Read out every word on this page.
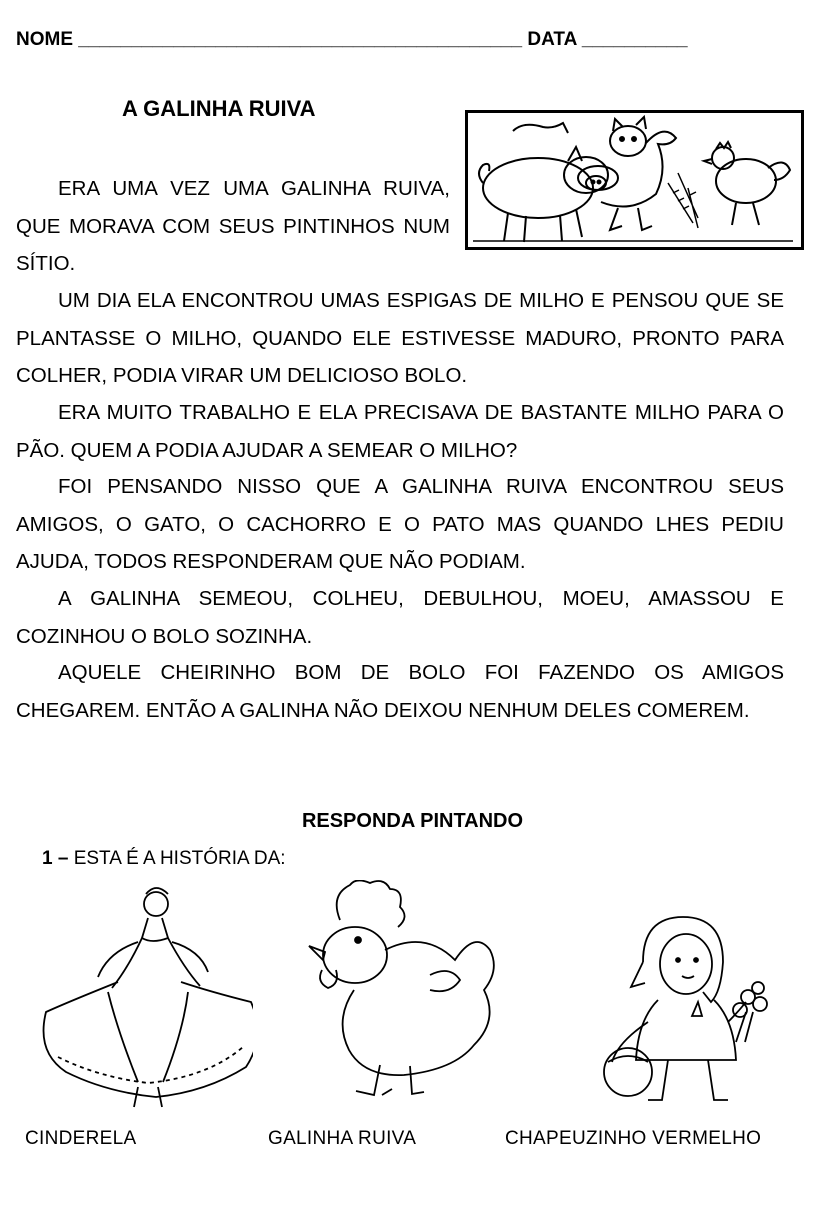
NOME __________________________________________ DATA __________
A GALINHA RUIVA

ERA UMA VEZ UMA GALINHA RUIVA, QUE MORAVA COM SEUS PINTINHOS NUM SÍTIO.

UM DIA ELA ENCONTROU UMAS ESPIGAS DE MILHO E PENSOU QUE SE PLANTASSE O MILHO, QUANDO ELE ESTIVESSE MADURO, PRONTO PARA COLHER, PODIA VIRAR UM DELICIOSO BOLO.

ERA MUITO TRABALHO E ELA PRECISAVA DE BASTANTE MILHO PARA O PÃO. QUEM A PODIA AJUDAR A SEMEAR O MILHO?

FOI PENSANDO NISSO QUE A GALINHA RUIVA ENCONTROU SEUS AMIGOS, O GATO, O CACHORRO E O PATO MAS QUANDO LHES PEDIU AJUDA, TODOS RESPONDERAM QUE NÃO PODIAM.

A GALINHA SEMEOU, COLHEU, DEBULHOU, MOEU, AMASSOU E COZINHOU O BOLO SOZINHA.

AQUELE CHEIRINHO BOM DE BOLO FOI FAZENDO OS AMIGOS CHEGAREM. ENTÃO A GALINHA NÃO DEIXOU NENHUM DELES COMEREM.

RESPONDA PINTANDO
1 – ESTA É A HISTÓRIA DA:
CINDERELA	GALINHA RUIVA	CHAPEUZINHO VERMELHO
